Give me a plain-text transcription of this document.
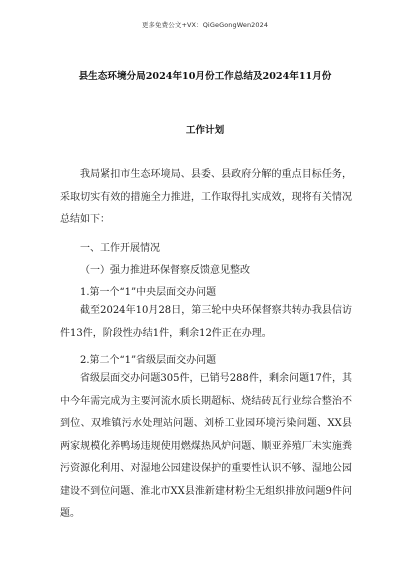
更多免费公文+VX：QiGeGongWen2024
县生态环境分局2024年10月份工作总结及2024年11月份
工作计划
我局紧扣市生态环境局、县委、县政府分解的重点目标任务，采取切实有效的措施全力推进，工作取得扎实成效，现将有关情况总结如下：
一、工作开展情况
（一）强力推进环保督察反馈意见整改
1.第一个“1”中央层面交办问题
截至2024年10月28日，第三轮中央环保督察共转办我县信访件13件，阶段性办结1件，剩余12件正在办理。
2.第二个“1”省级层面交办问题
省级层面交办问题305件，已销号288件，剩余问题17件，其中今年需完成为主要河流水质长期超标、烧结砖瓦行业综合整治不到位、双堆镇污水处理站问题、刘桥工业园环境污染问题、XX县两家规模化养鸭场违规使用燃煤热风炉问题、顺亚养殖厂未实施粪污资源化利用、对湿地公园建设保护的重要性认识不够、湿地公园建设不到位问题、淮北市XX县淮新建材粉尘无组织排放问题9件问题。
